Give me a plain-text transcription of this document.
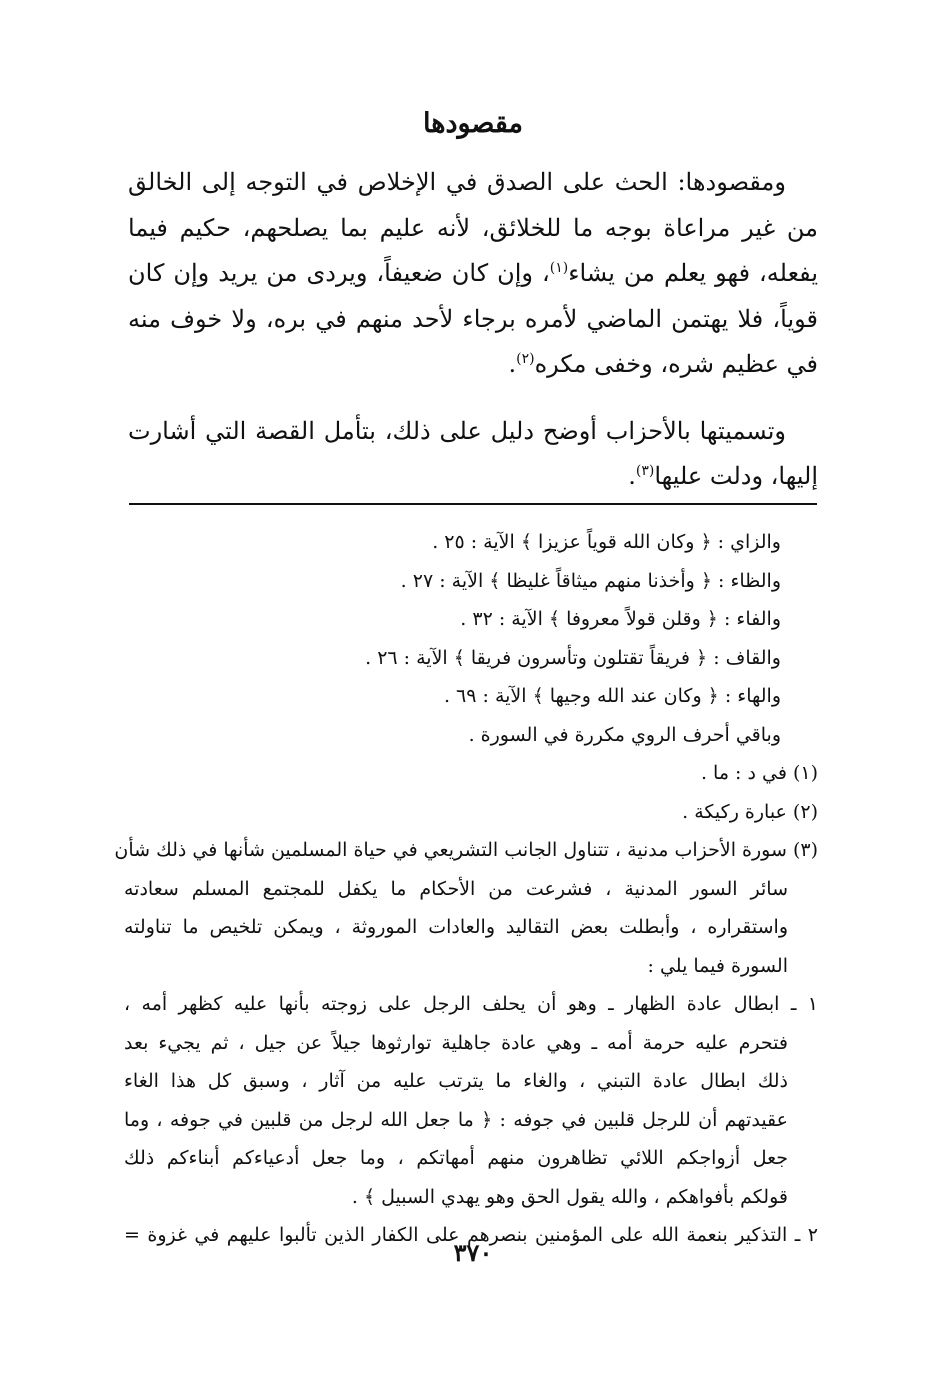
مقصودها

ومقصودها: الحث على الصدق في الإخلاص في التوجه إلى الخالق من غير مراعاة بوجه ما للخلائق، لأنه عليم بما يصلحهم، حكيم فيما يفعله، فهو يعلم من يشاء$^{(١)}$، وإن كان ضعيفاً، ويردى من يريد وإن كان قوياً، فلا يهتمن الماضي لأمره برجاء لأحد منهم في بره، ولا خوف منه في عظيم شره، وخفى مكره$^{(٢)}$.

وتسميتها بالأحزاب أوضح دليل على ذلك، بتأمل القصة التي أشارت إليها، ودلت عليها$^{(٣)}$.

والزاي : ﴿ وكان الله قوياً عزيزا ﴾ الآية : ٢٥ .
والظاء : ﴿ وأخذنا منهم ميثاقاً غليظا ﴾ الآية : ٢٧ .
والفاء : ﴿ وقلن قولاً معروفا ﴾ الآية : ٣٢ .
والقاف : ﴿ فريقاً تقتلون وتأسرون فريقا ﴾ الآية : ٢٦ .
والهاء : ﴿ وكان عند الله وجيها ﴾ الآية : ٦٩ .
وباقي أحرف الروي مكررة في السورة .
(١) في د : ما .
(٢) عبارة ركيكة .
(٣) سورة الأحزاب مدنية ، تتناول الجانب التشريعي في حياة المسلمين شأنها في ذلك شأن
سائر السور المدنية ، فشرعت من الأحكام ما يكفل للمجتمع المسلم سعادته
واستقراره ، وأبطلت بعض التقاليد والعادات الموروثة ، ويمكن تلخيص ما تناولته
السورة فيما يلي :
١ ـ ابطال عادة الظهار ـ وهو أن يحلف الرجل على زوجته بأنها عليه كظهر أمه ،
فتحرم عليه حرمة أمه ـ وهي عادة جاهلية توارثوها جيلاً عن جيل ، ثم يجيء بعد
ذلك ابطال عادة التبني ، والغاء ما يترتب عليه من آثار ، وسبق كل هذا الغاء
عقيدتهم أن للرجل قلبين في جوفه : ﴿ ما جعل الله لرجل من قلبين في جوفه ، وما
جعل أزواجكم اللائي تظاهرون منهم أمهاتكم ، وما جعل أدعياءكم أبناءكم ذلك
قولكم بأفواهكم ، والله يقول الحق وهو يهدي السبيل ﴾ .
٢ ـ التذكير بنعمة الله على المؤمنين بنصرهم على الكفار الذين تألبوا عليهم في غزوة =
٣٧٠
